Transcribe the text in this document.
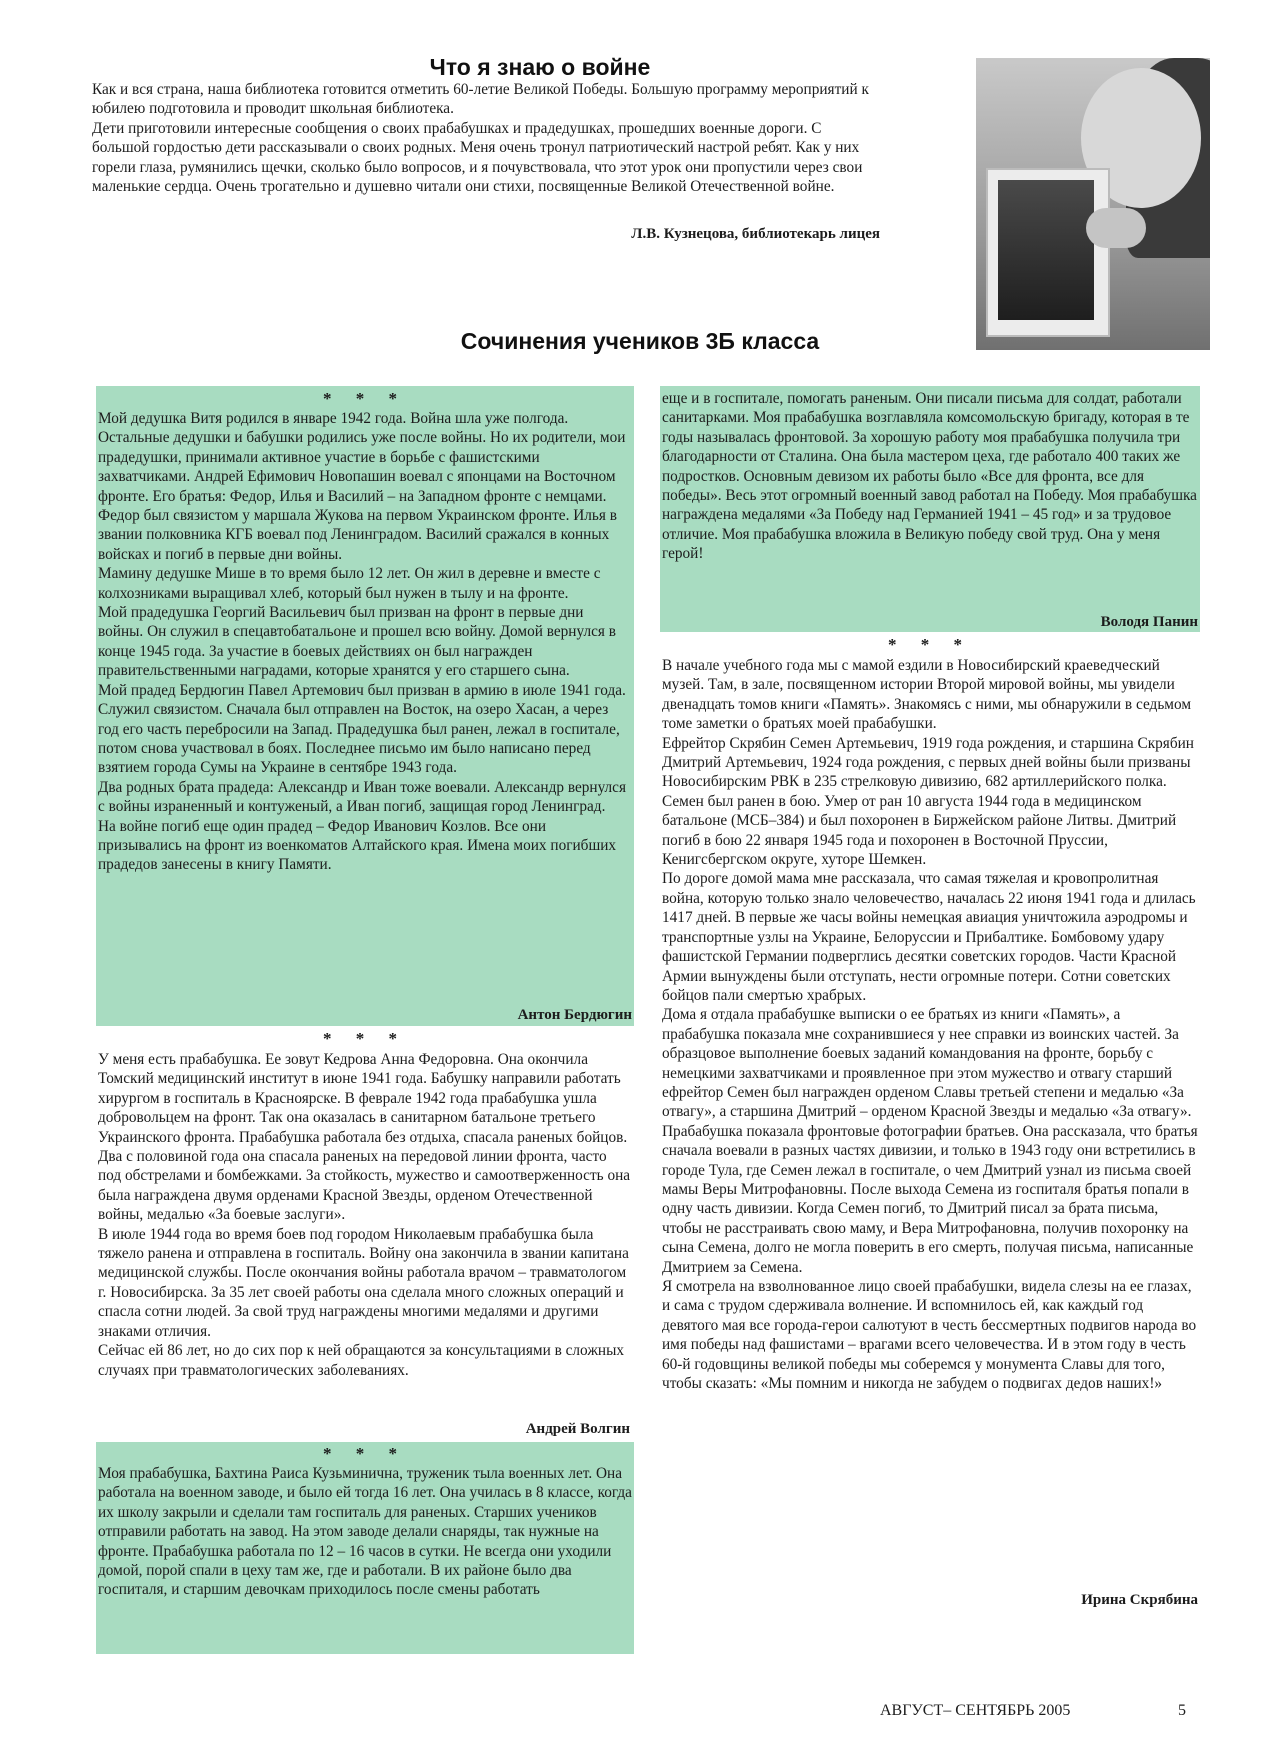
Что я знаю о войне

Как и вся страна, наша библиотека готовится отметить 60-летие Великой Победы. Большую программу мероприятий к юбилею подготовила и проводит школьная библиотека.

Дети приготовили интересные сообщения о своих прабабушках и прадедушках, прошедших военные дороги. С большой гордостью дети рассказывали о своих родных. Меня очень тронул патриотический настрой ребят. Как у них горели глаза, румянились щечки, сколько было вопросов, и я почувствовала, что этот урок они пропустили через свои маленькие сердца. Очень трогательно и душевно читали они стихи, посвященные Великой Отечественной войне.

Л.В. Кузнецова, библиотекарь лицея
Сочинения учеников 3Б класса
* * *

Мой дедушка Витя родился в январе 1942 года. Война шла уже полгода. Остальные дедушки и бабушки родились уже после войны. Но их родители, мои прадедушки, принимали активное участие в борьбе с фашистскими захватчиками. Андрей Ефимович Новопашин воевал с японцами на Восточном фронте. Его братья: Федор, Илья и Василий – на Западном фронте с немцами. Федор был связистом у маршала Жукова на первом Украинском фронте. Илья в звании полковника КГБ воевал под Ленинградом. Василий сражался в конных войсках и погиб в первые дни войны.

Мамину дедушке Мише в то время было 12 лет. Он жил в деревне и вместе с колхозниками выращивал хлеб, который был нужен в тылу и на фронте.

Мой прадедушка Георгий Васильевич был призван на фронт в первые дни войны. Он служил в спецавтобатальоне и прошел всю войну. Домой вернулся в конце 1945 года. За участие в боевых действиях он был награжден правительственными наградами, которые хранятся у его старшего сына.

Мой прадед Бердюгин Павел Артемович был призван в армию в июле 1941 года. Служил связистом. Сначала был отправлен на Восток, на озеро Хасан, а через год его часть перебросили на Запад. Прадедушка был ранен, лежал в госпитале, потом снова участвовал в боях. Последнее письмо им было написано перед взятием города Сумы на Украине в сентябре 1943 года.

Два родных брата прадеда: Александр и Иван тоже воевали. Александр вернулся с войны израненный и контуженый, а Иван погиб, защищая город Ленинград.

На войне погиб еще один прадед – Федор Иванович Козлов. Все они призывались на фронт из военкоматов Алтайского края. Имена моих погибших прадедов занесены в книгу Памяти.

Антон Бердюгин
* * *

У меня есть прабабушка. Ее зовут Кедрова Анна Федоровна. Она окончила Томский медицинский институт в июне 1941 года. Бабушку направили работать хирургом в госпиталь в Красноярске. В феврале 1942 года прабабушка ушла добровольцем на фронт. Так она оказалась в санитарном батальоне третьего Украинского фронта. Прабабушка работала без отдыха, спасала раненых бойцов.

Два с половиной года она спасала раненых на передовой линии фронта, часто под обстрелами и бомбежками. За стойкость, мужество и самоотверженность она была награждена двумя орденами Красной Звезды, орденом Отечественной войны, медалью «За боевые заслуги».

В июле 1944 года во время боев под городом Николаевым прабабушка была тяжело ранена и отправлена в госпиталь. Войну она закончила в звании капитана медицинской службы. После окончания войны работала врачом – травматологом г. Новосибирска. За 35 лет своей работы она сделала много сложных операций и спасла сотни людей. За свой труд награждены многими медалями и другими знаками отличия.

Сейчас ей 86 лет, но до сих пор к ней обращаются за консультациями в сложных случаях при травматологических заболеваниях.

Андрей Волгин
* * *

Моя прабабушка, Бахтина Раиса Кузьминична, труженик тыла военных лет. Она работала на военном заводе, и было ей тогда 16 лет. Она училась в 8 классе, когда их школу закрыли и сделали там госпиталь для раненых. Старших учеников отправили работать на завод. На этом заводе делали снаряды, так нужные на фронте. Прабабушка работала по 12 – 16 часов в сутки. Не всегда они уходили домой, порой спали в цеху там же, где и работали. В их районе было два госпиталя, и старшим девочкам приходилось после смены работать

еще и в госпитале, помогать раненым. Они писали письма для солдат, работали санитарками. Моя прабабушка возглавляла комсомольскую бригаду, которая в те годы называлась фронтовой. За хорошую работу моя прабабушка получила три благодарности от Сталина. Она была мастером цеха, где работало 400 таких же подростков. Основным девизом их работы было «Все для фронта, все для победы». Весь этот огромный военный завод работал на Победу. Моя прабабушка награждена медалями «За Победу над Германией 1941 – 45 год» и за трудовое отличие. Моя прабабушка вложила в Великую победу свой труд. Она у меня герой!

Володя Панин
* * *

В начале учебного года мы с мамой ездили в Новосибирский краеведческий музей. Там, в зале, посвященном истории Второй мировой войны, мы увидели двенадцать томов книги «Память». Знакомясь с ними, мы обнаружили в седьмом томе заметки о братьях моей прабабушки.

Ефрейтор Скрябин Семен Артемьевич, 1919 года рождения, и старшина Скрябин Дмитрий Артемьевич, 1924 года рождения, с первых дней войны были призваны Новосибирским РВК в 235 стрелковую дивизию, 682 артиллерийского полка. Семен был ранен в бою. Умер от ран 10 августа 1944 года в медицинском батальоне (МСБ–384) и был похоронен в Биржейском районе Литвы. Дмитрий погиб в бою 22 января 1945 года и похоронен в Восточной Пруссии, Кенигсбергском округе, хуторе Шемкен.

По дороге домой мама мне рассказала, что самая тяжелая и кровопролитная война, которую только знало человечество, началась 22 июня 1941 года и длилась 1417 дней. В первые же часы войны немецкая авиация уничтожила аэродромы и транспортные узлы на Украине, Белоруссии и Прибалтике. Бомбовому удару фашистской Германии подверглись десятки советских городов. Части Красной Армии вынуждены были отступать, нести огромные потери. Сотни советских бойцов пали смертью храбрых.

Дома я отдала прабабушке выписки о ее братьях из книги «Память», а прабабушка показала мне сохранившиеся у нее справки из воинских частей. За образцовое выполнение боевых заданий командования на фронте, борьбу с немецкими захватчиками и проявленное при этом мужество и отвагу старший ефрейтор Семен был награжден орденом Славы третьей степени и медалью «За отвагу», а старшина Дмитрий – орденом Красной Звезды и медалью «За отвагу». Прабабушка показала фронтовые фотографии братьев. Она рассказала, что братья сначала воевали в разных частях дивизии, и только в 1943 году они встретились в городе Тула, где Семен лежал в госпитале, о чем Дмитрий узнал из письма своей мамы Веры Митрофановны. После выхода Семена из госпиталя братья попали в одну часть дивизии. Когда Семен погиб, то Дмитрий писал за брата письма, чтобы не расстраивать свою маму, и Вера Митрофановна, получив похоронку на сына Семена, долго не могла поверить в его смерть, получая письма, написанные Дмитрием за Семена.

Я смотрела на взволнованное лицо своей прабабушки, видела слезы на ее глазах, и сама с трудом сдерживала волнение. И вспомнилось ей, как каждый год девятого мая все города-герои салютуют в честь бессмертных подвигов народа во имя победы над фашистами – врагами всего человечества. И в этом году в честь 60-й годовщины великой победы мы соберемся у монумента Славы для того, чтобы сказать: «Мы помним и никогда не забудем о подвигах дедов наших!»

Ирина Скрябина
АВГУСТ– СЕНТЯБРЬ 2005	5
